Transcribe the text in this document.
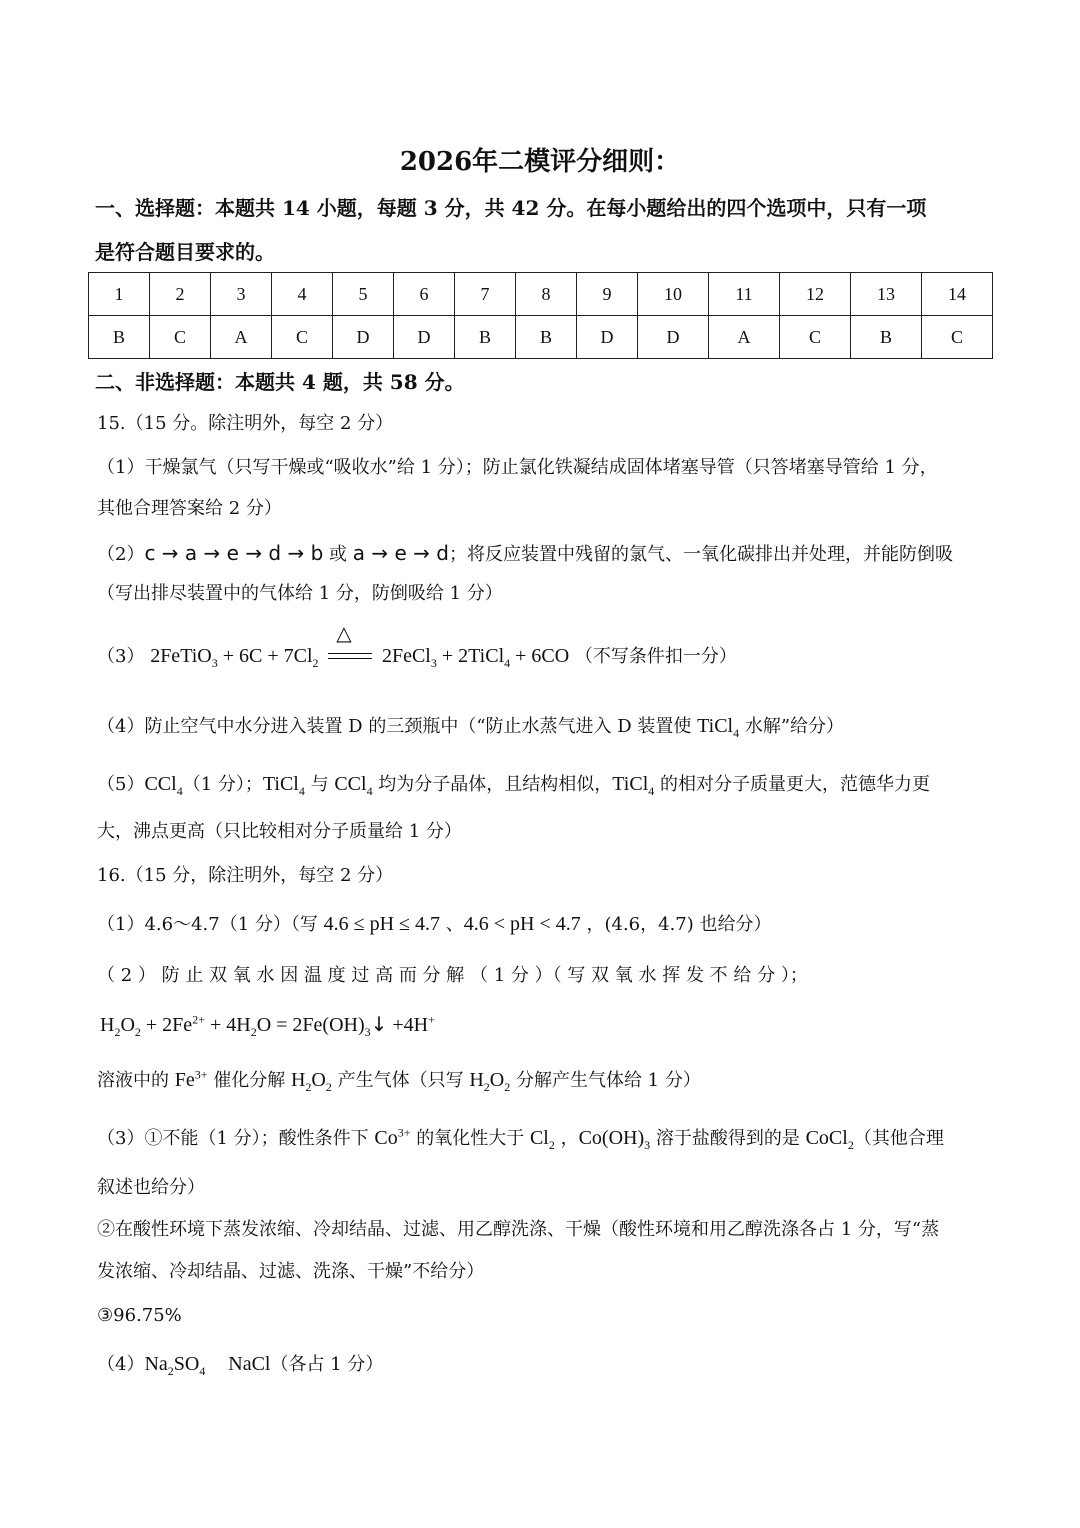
2026年二模评分细则：
一、选择题：本题共 14 小题，每题 3 分，共 42 分。在每小题给出的四个选项中，只有一项
是符合题目要求的。
1	2	3	4	5	6	7	8	9	10	11	12	13	14
B	C	A	C	D	D	B	B	D	D	A	C	B	C
二、非选择题：本题共 4 题，共 58 分。
15.（15 分。除注明外，每空 2 分）
（1）干燥氯气（只写干燥或“吸收水”给 1 分）；防止氯化铁凝结成固体堵塞导管（只答堵塞导管给 1 分，
其他合理答案给 2 分）
（2）c → a → e → d → b 或 a → e → d；将反应装置中残留的氯气、一氧化碳排出并处理，并能防倒吸
（写出排尽装置中的气体给 1 分，防倒吸给 1 分）
（3） 2FeTiO$_3$ + $6C + 7Cl_2$
△
2FeCl$_3$ + 2TiCl$_4$ + 6CO （不写条件扣一分）
（4）防止空气中水分进入装置 D 的三颈瓶中（“防止水蒸气进入 D 装置使 TiCl$_4$ 水解”给分）
（5）CCl$_4$（1 分）；TiCl$_4$ 与 CCl$_4$ 均为分子晶体，且结构相似，TiCl$_4$ 的相对分子质量更大，范德华力更
大，沸点更高（只比较相对分子质量给 1 分）
16.（15 分，除注明外，每空 2 分）
（1）4.6～4.7（1 分）（写 4.6 ≤ pH ≤ 4.7 、4.6 < pH < 4.7 ，(4.6，4.7) 也给分）
（ 2 ） 防 止 双 氧 水 因 温 度 过 高 而 分 解 （ 1 分 ）（ 写 双 氧 水 挥 发 不 给 分 ）；
$H_2O_2 + 2Fe^{2+} + 4H_2O$ = $2Fe(OH)_3↓ +4H^+$
溶液中的 $Fe^{3+}$ 催化分解 $H_2O_2$ 产生气体（只写 $H_2O_2$ 分解产生气体给 1 分）
（3）①不能（1 分）；酸性条件下 $Co^{3+}$ 的氧化性大于 $Cl_2$ ，$Co(OH)_3$ 溶于盐酸得到的是 CoCl$_2$（其他合理
叙述也给分）
②在酸性环境下蒸发浓缩、冷却结晶、过滤、用乙醇洗涤、干燥（酸性环境和用乙醇洗涤各占 1 分，写“蒸
发浓缩、冷却结晶、过滤、洗涤、干燥”不给分）
③96.75%
$(4)Na_2SO_4$ NaCl（各占 1 分）
